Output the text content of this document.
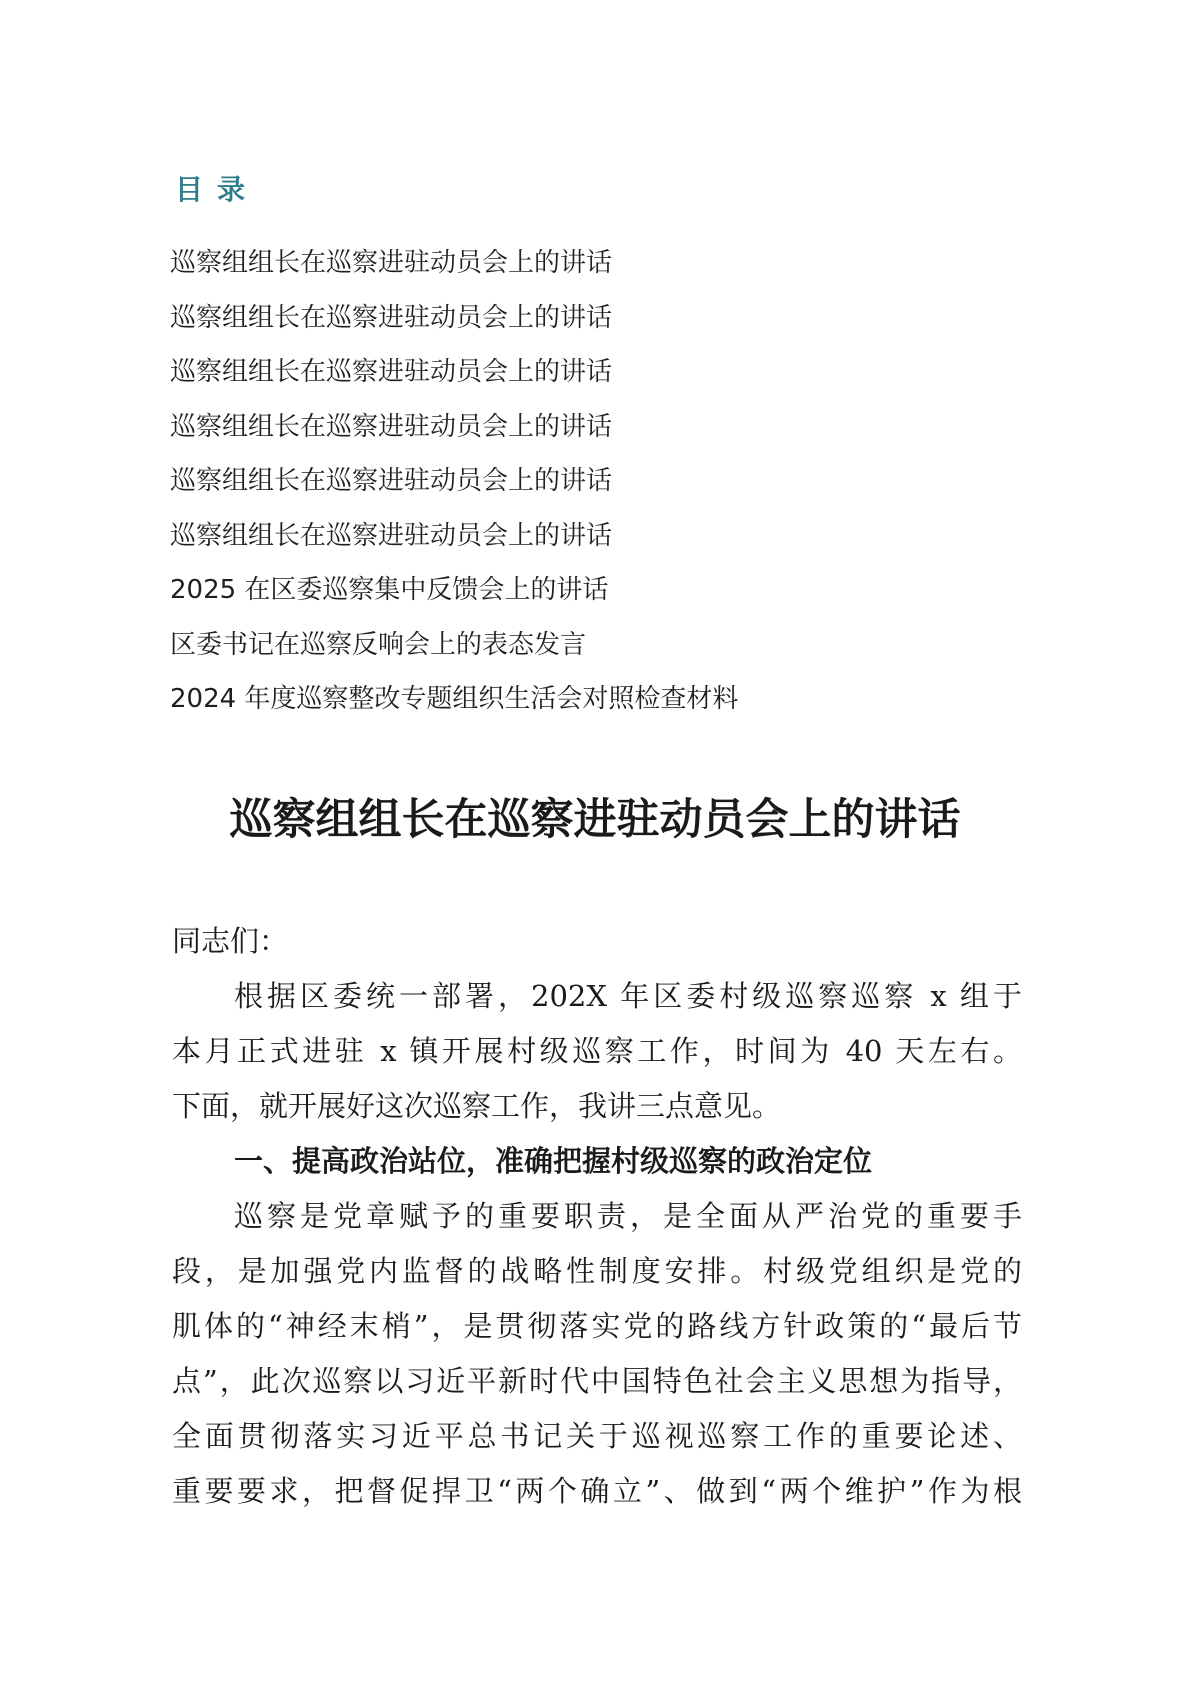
目录
巡察组组长在巡察进驻动员会上的讲话
巡察组组长在巡察进驻动员会上的讲话
巡察组组长在巡察进驻动员会上的讲话
巡察组组长在巡察进驻动员会上的讲话
巡察组组长在巡察进驻动员会上的讲话
巡察组组长在巡察进驻动员会上的讲话
2025 在区委巡察集中反馈会上的讲话
区委书记在巡察反响会上的表态发言
2024 年度巡察整改专题组织生活会对照检查材料
巡察组组长在巡察进驻动员会上的讲话
同志们：
根据区委统一部署，202X 年区委村级巡察巡察 x 组于
本月正式进驻 x 镇开展村级巡察工作，时间为 40 天左右。
下面，就开展好这次巡察工作，我讲三点意见。
一、提高政治站位，准确把握村级巡察的政治定位
巡察是党章赋予的重要职责，是全面从严治党的重要手
段，是加强党内监督的战略性制度安排。村级党组织是党的
肌体的“神经末梢”，是贯彻落实党的路线方针政策的“最后节
点”，此次巡察以习近平新时代中国特色社会主义思想为指导，
全面贯彻落实习近平总书记关于巡视巡察工作的重要论述、
重要要求，把督促捍卫“两个确立”、做到“两个维护”作为根
